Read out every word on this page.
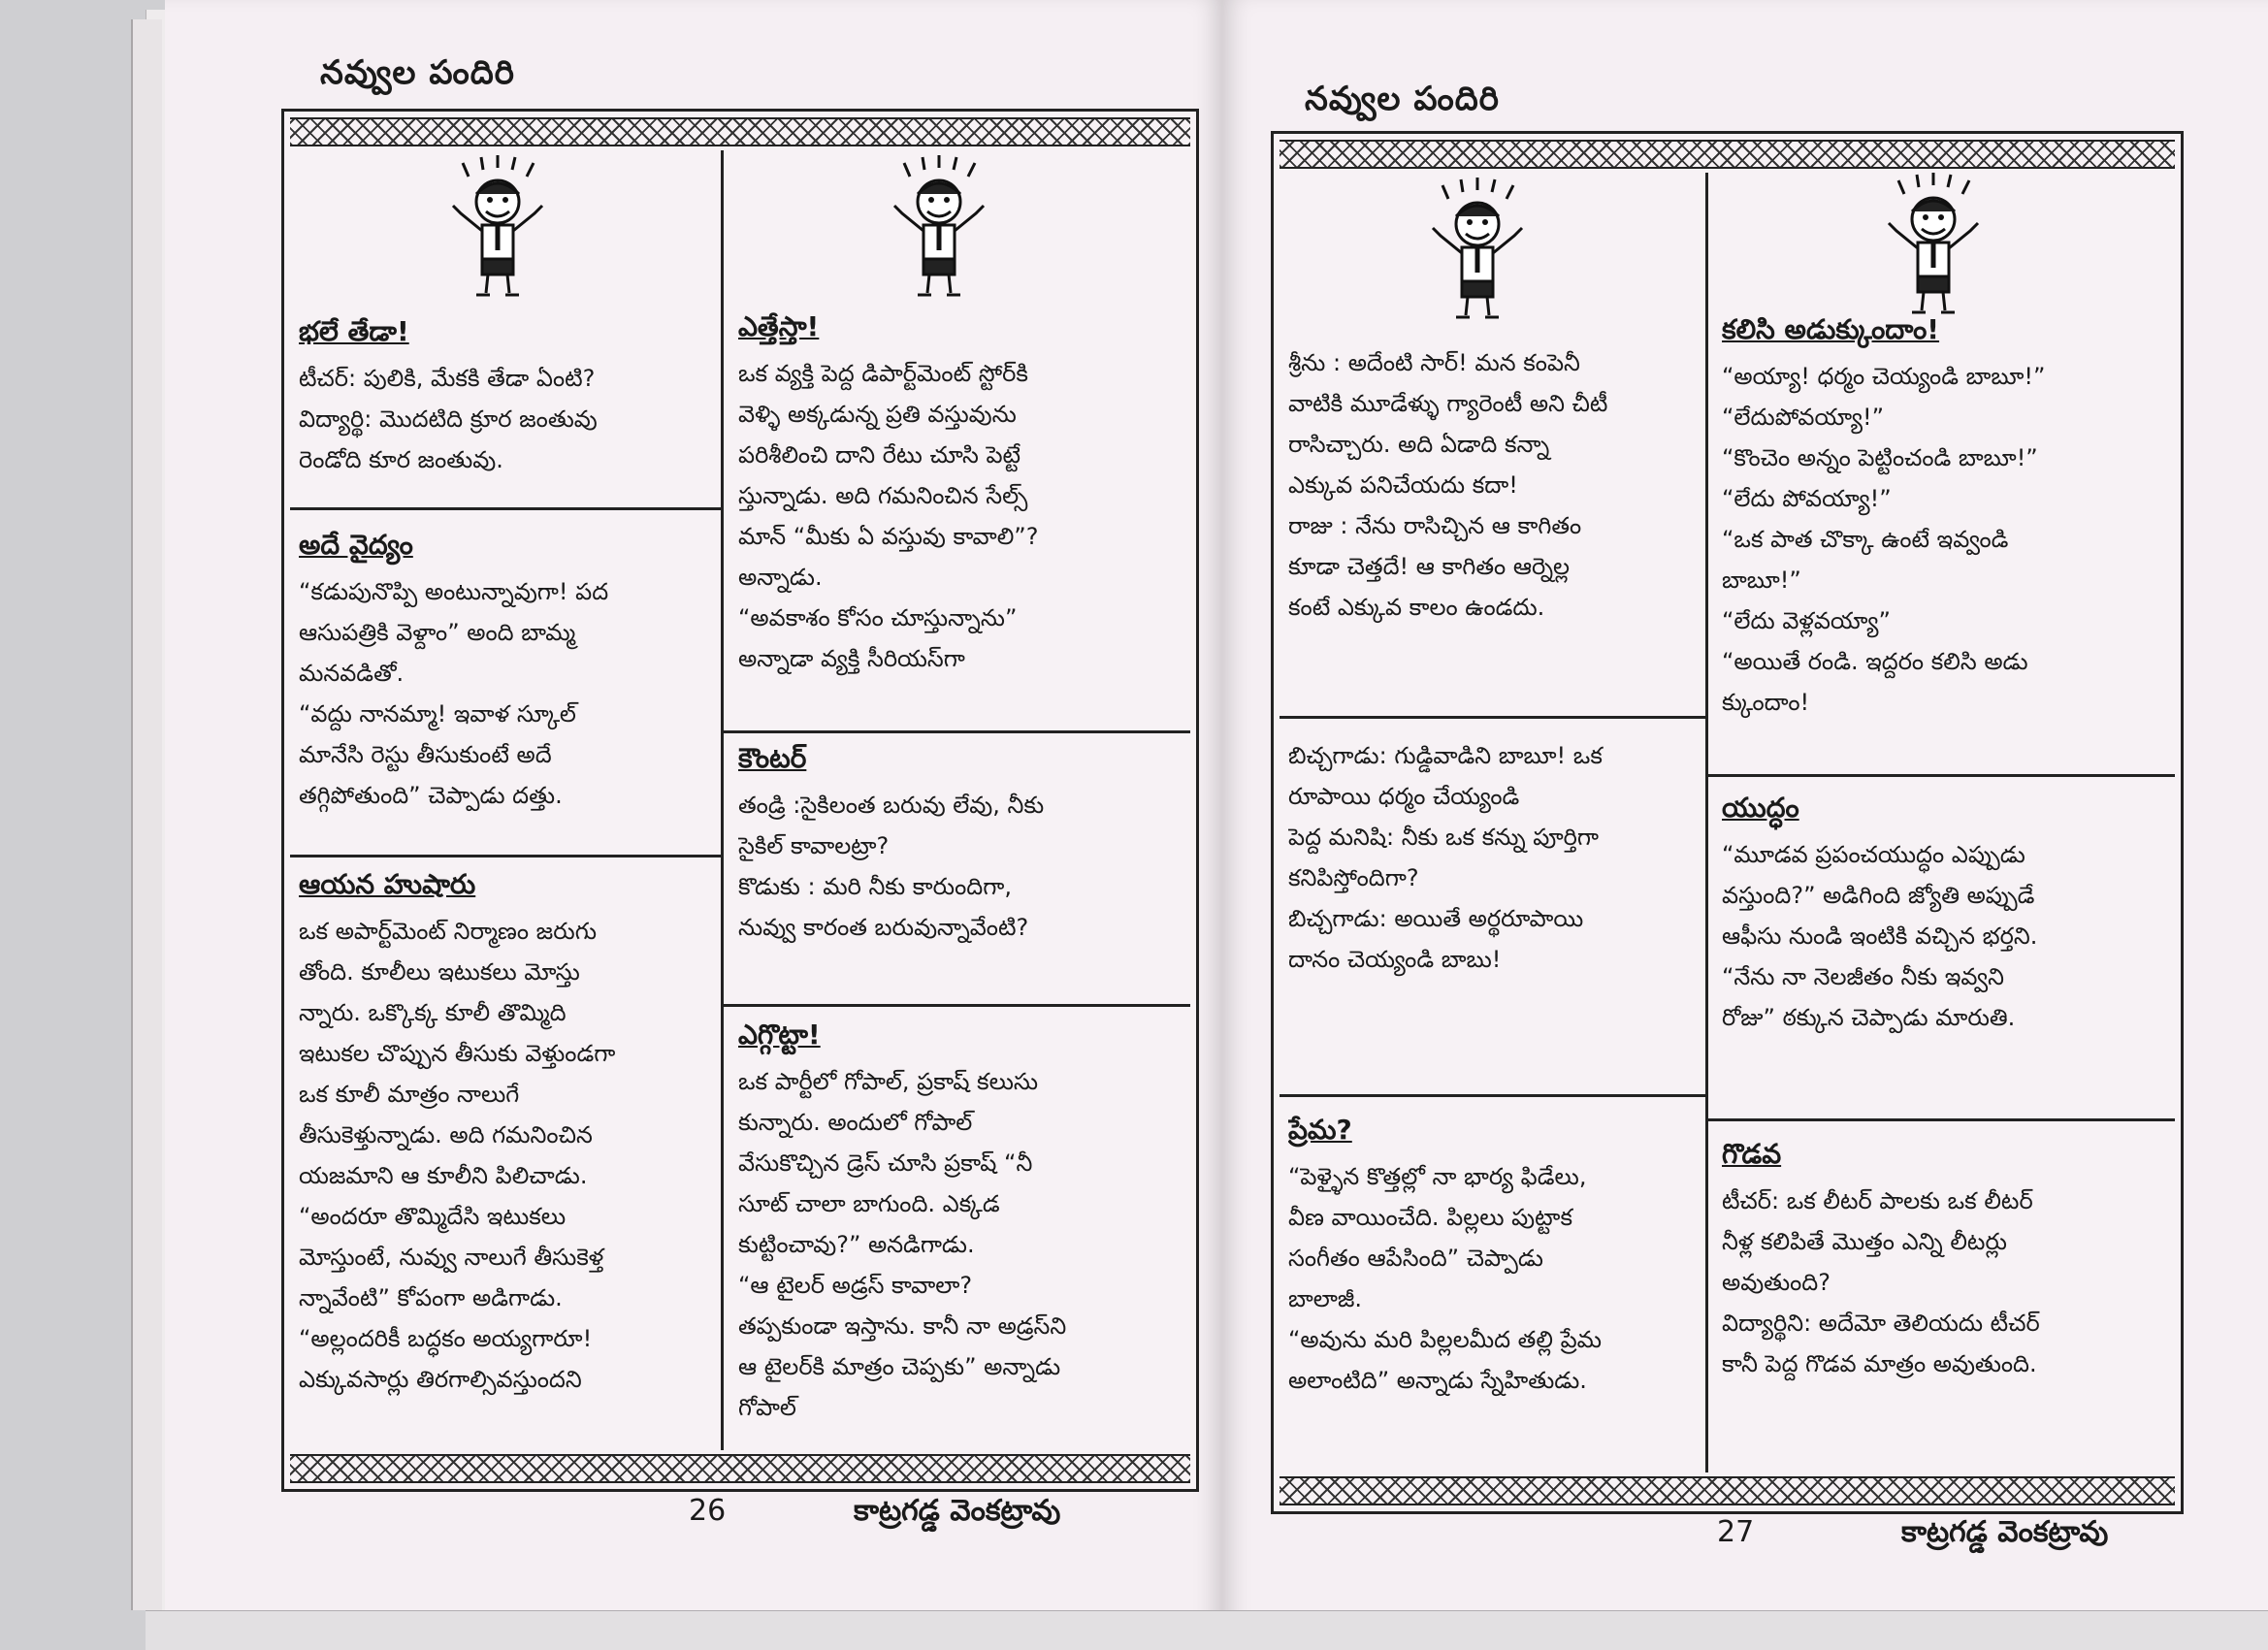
నవ్వుల పందిరి
భలే తేడా!
టీచర్: పులికి, మేకకి తేడా ఏంటి?
విద్యార్థి: మొదటిది క్రూర జంతువు
రెండోది కూర జంతువు.
అదే వైద్యం
“కడుపునొప్పి అంటున్నావుగా! పద
ఆసుపత్రికి వెళ్దాం” అంది బామ్మ
మనవడితో.
“వద్దు నానమ్మా! ఇవాళ స్కూల్
మానేసి రెస్టు తీసుకుంటే అదే
తగ్గిపోతుంది” చెప్పాడు దత్తు.
ఆయన హుషారు
ఒక అపార్ట్‌మెంట్ నిర్మాణం జరుగు
తోంది. కూలీలు ఇటుకలు మోస్తు
న్నారు. ఒక్కొక్క కూలీ తొమ్మిది
ఇటుకల చొప్పున తీసుకు వెళ్తుండగా
ఒక కూలీ మాత్రం నాలుగే
తీసుకెళ్తున్నాడు. అది గమనించిన
యజమాని ఆ కూలీని పిలిచాడు.
“అందరూ తొమ్మిదేసి ఇటుకలు
మోస్తుంటే, నువ్వు నాలుగే తీసుకెళ్త
న్నావేంటి” కోపంగా అడిగాడు.
“అల్లందరికీ బద్ధకం అయ్యగారూ!
ఎక్కువసార్లు తిరగాల్సివస్తుందని
ఎత్తేస్తా!
ఒక వ్యక్తి పెద్ద డిపార్ట్‌మెంట్ స్టోర్‌కి
వెళ్ళి అక్కడున్న ప్రతి వస్తువును
పరిశీలించి దాని రేటు చూసి పెట్టే
స్తున్నాడు. అది గమనించిన సేల్స్
మాన్ “మీకు ఏ వస్తువు కావాలి”?
అన్నాడు.
“అవకాశం కోసం చూస్తున్నాను”
అన్నాడా వ్యక్తి సీరియస్‌గా
కౌంటర్
తండ్రి :సైకిలంత బరువు లేవు, నీకు
సైకిల్ కావాలట్రా?
కొడుకు : మరి నీకు కారుందిగా,
నువ్వు కారంత బరువున్నావేంటి?
ఎగ్గొట్టా!
ఒక పార్టీలో గోపాల్, ప్రకాష్ కలుసు
కున్నారు. అందులో గోపాల్
వేసుకొచ్చిన డ్రెస్ చూసి ప్రకాష్ “నీ
సూట్ చాలా బాగుంది. ఎక్కడ
కుట్టించావు?” అనడిగాడు.
“ఆ టైలర్ అడ్రస్ కావాలా?
తప్పకుండా ఇస్తాను. కానీ నా అడ్రస్‌ని
ఆ టైలర్‌కి మాత్రం చెప్పకు” అన్నాడు
గోపాల్
26	కాట్రగడ్డ వెంకట్రావు
నవ్వుల పందిరి
శ్రీను : అదేంటి సార్! మన కంపెనీ
వాటికి మూడేళ్ళు గ్యారెంటీ అని చీటీ
రాసిచ్చారు. అది ఏడాది కన్నా
ఎక్కువ పనిచేయదు కదా!
రాజు : నేను రాసిచ్చిన ఆ కాగితం
కూడా చెత్తదే! ఆ కాగితం ఆర్నెల్ల
కంటే ఎక్కువ కాలం ఉండదు.
బిచ్చగాడు: గుడ్డివాడిని బాబూ! ఒక
రూపాయి ధర్మం చేయ్యండి
పెద్ద మనిషి: నీకు ఒక కన్ను పూర్తిగా
కనిపిస్తోందిగా?
బిచ్చగాడు: అయితే అర్థరూపాయి
దానం చెయ్యండి బాబు!
ప్రేమ?
“పెళ్ళైన కొత్తల్లో నా భార్య ఫిడేలు,
వీణ వాయించేది. పిల్లలు పుట్టాక
సంగీతం ఆపేసింది” చెప్పాడు
బాలాజీ.
“అవును మరి పిల్లలమీద తల్లి ప్రేమ
అలాంటిది” అన్నాడు స్నేహితుడు.
కలిసి అడుక్కుందాం!
“అయ్యా! ధర్మం చెయ్యండి బాబూ!”
“లేదుపోవయ్యా!”
“కొంచెం అన్నం పెట్టించండి బాబూ!”
“లేదు పోవయ్యా!”
“ఒక పాత చొక్కా ఉంటే ఇవ్వండి
బాబూ!”
“లేదు వెళ్లవయ్యా”
“అయితే రండి. ఇద్దరం కలిసి అడు
క్కుందాం!
యుద్ధం
“మూడవ ప్రపంచయుద్ధం ఎప్పుడు
వస్తుంది?” అడిగింది జ్యోతి అప్పుడే
ఆఫీసు నుండి ఇంటికి వచ్చిన భర్తని.
“నేను నా నెలజీతం నీకు ఇవ్వని
రోజు” ఠక్కున చెప్పాడు మారుతి.
గొడవ
టీచర్: ఒక లీటర్ పాలకు ఒక లీటర్
నీళ్ల కలిపితే మొత్తం ఎన్ని లీటర్లు
అవుతుంది?
విద్యార్థిని: అదేమో తెలియదు టీచర్
కానీ పెద్ద గొడవ మాత్రం అవుతుంది.
27	కాట్రగడ్డ వెంకట్రావు
